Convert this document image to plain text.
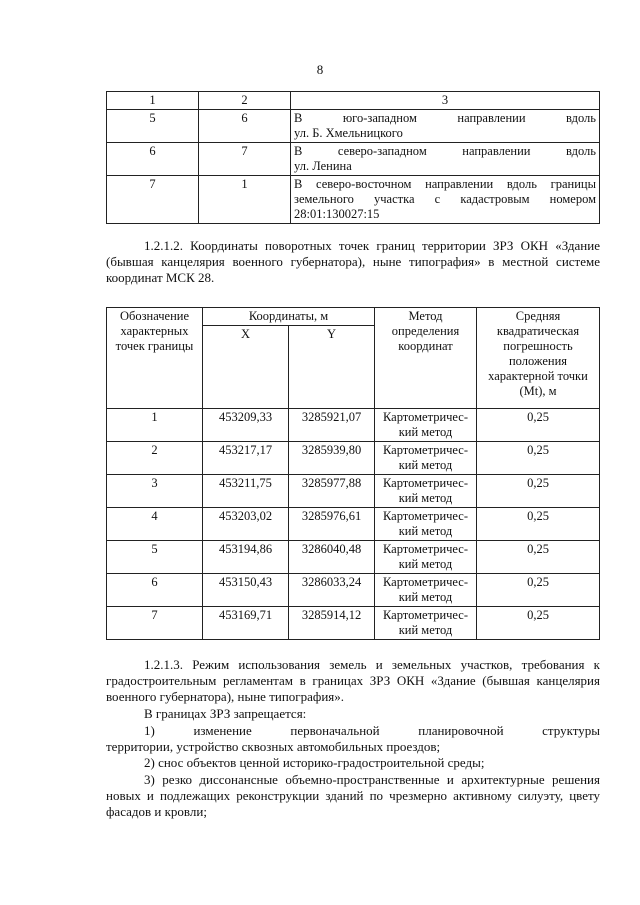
8
1	2	3
5	6	В юго-западном направлении вдоль
ул. Б. Хмельницкого

6	7	В северо-западном направлении вдоль
ул. Ленина

7	1	В северо-восточном направлении вдоль границы
земельного участка с кадастровым номером 28:01:130027:15
1.2.1.2. Координаты поворотных точек границ территории ЗРЗ ОКН «Здание (бывшая канцелярия военного губернатора), ныне типография» в местной системе координат МСК 28.
Обозначение характерных точек границы	Координаты, м		Метод определения координат	Средняя квадратическая погрешность положения характерной точки (Mt), м
	X	Y		
1	453209,33	3285921,07	Картометричес-кий метод	0,25
2	453217,17	3285939,80	Картометричес-кий метод	0,25
3	453211,75	3285977,88	Картометричес-кий метод	0,25
4	453203,02	3285976,61	Картометричес-кий метод	0,25
5	453194,86	3286040,48	Картометричес-кий метод	0,25
6	453150,43	3286033,24	Картометричес-кий метод	0,25
7	453169,71	3285914,12	Картометричес-кий метод	0,25
1.2.1.3. Режим использования земель и земельных участков, требования к градостроительным регламентам в границах ЗРЗ ОКН «Здание (бывшая канцелярия военного губернатора), ныне типография».
В границах ЗРЗ запрещается:
1) изменение первоначальной планировочной структуры
территории, устройство сквозных автомобильных проездов;
2) снос объектов ценной историко-градостроительной среды;
3) резко диссонансные объемно-пространственные и архитектурные решения новых и подлежащих реконструкции зданий по чрезмерно активному силуэту, цвету фасадов и кровли;
